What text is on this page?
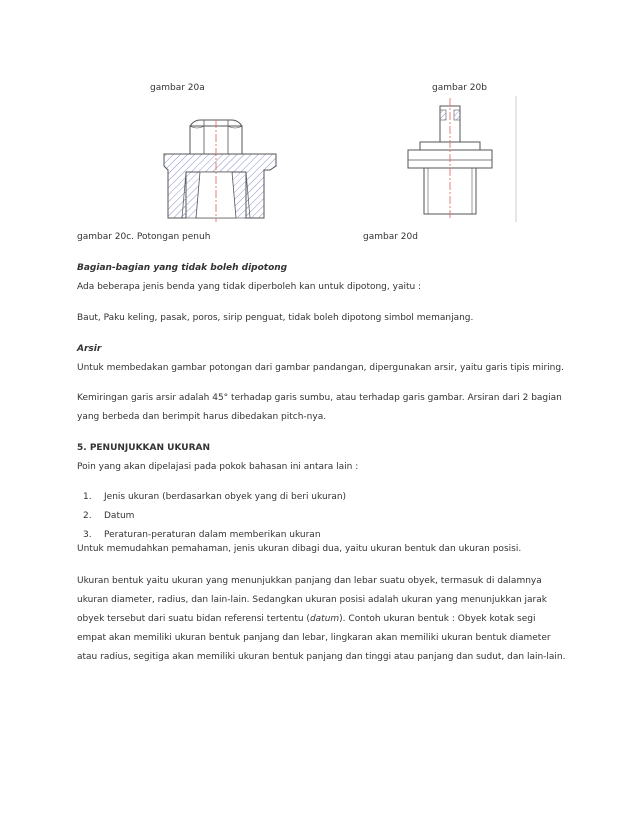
gambar 20a	gambar 20b
gambar 20c. Potongan penuh	gambar 20d
Bagian-bagian yang tidak boleh dipotong
Ada beberapa jenis benda yang tidak diperboleh kan untuk dipotong, yaitu :
Baut, Paku keling, pasak, poros, sirip penguat, tidak boleh dipotong simbol memanjang.
Arsir
Untuk membedakan gambar potongan dari gambar pandangan, dipergunakan arsir, yaitu garis tipis miring.
Kemiringan garis arsir adalah 45° terhadap garis sumbu, atau terhadap garis gambar. Arsiran dari 2 bagian
yang berbeda dan berimpit harus dibedakan pitch-nya.
5. PENUNJUKKAN UKURAN
Poin yang akan dipelajasi pada pokok bahasan ini antara lain :
1. Jenis ukuran (berdasarkan obyek yang di beri ukuran)
2. Datum
3. Peraturan-peraturan dalam memberikan ukuran
Untuk memudahkan pemahaman, jenis ukuran dibagi dua, yaitu ukuran bentuk dan ukuran posisi.
Ukuran bentuk yaitu ukuran yang menunjukkan panjang dan lebar suatu obyek, termasuk di dalamnya
ukuran diameter, radius, dan lain-lain. Sedangkan ukuran posisi adalah ukuran yang menunjukkan jarak
obyek tersebut dari suatu bidan referensi tertentu (datum). Contoh ukuran bentuk : Obyek kotak segi
empat akan memiliki ukuran bentuk panjang dan lebar, lingkaran akan memiliki ukuran bentuk diameter
atau radius, segitiga akan memiliki ukuran bentuk panjang dan tinggi atau panjang dan sudut, dan lain-lain.
